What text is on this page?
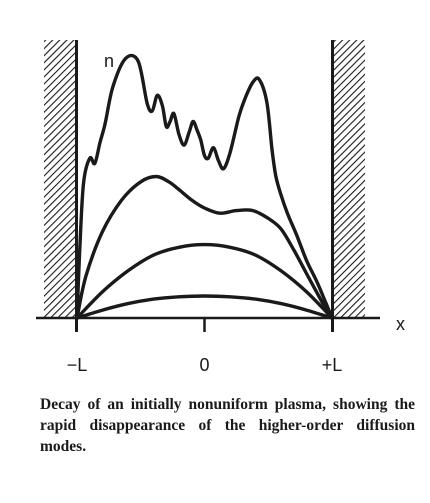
n
x
−L	0	+L

Decay of an initially nonuniform plasma, showing the rapid disappearance of the higher-order diffusion modes.
